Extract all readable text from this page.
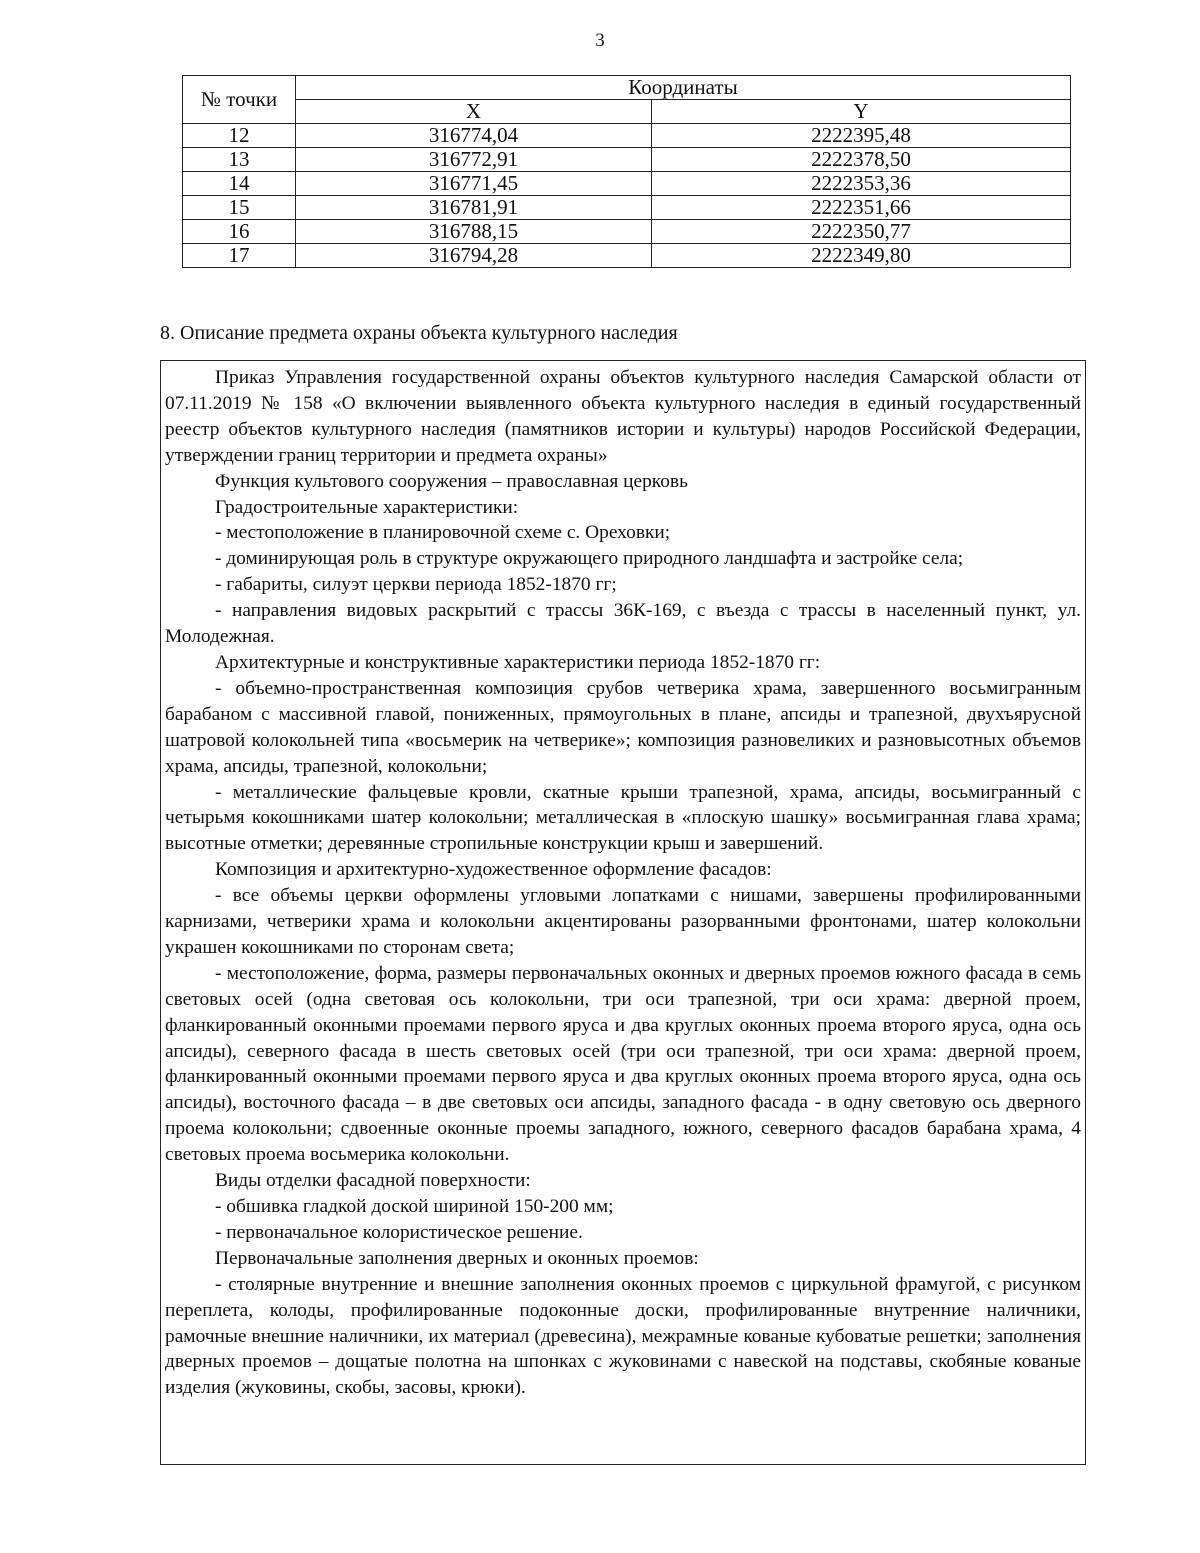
3
№ точки	Координаты	
	X	Y
12	316774,04	2222395,48
13	316772,91	2222378,50
14	316771,45	2222353,36
15	316781,91	2222351,66
16	316788,15	2222350,77
17	316794,28	2222349,80
8. Описание предмета охраны объекта культурного наследия

Приказ Управления государственной охраны объектов культурного наследия Самарской области от 07.11.2019 № 158 «О включении выявленного объекта культурного наследия в единый государственный реестр объектов культурного наследия (памятников истории и культуры) народов Российской Федерации, утверждении границ территории и предмета охраны»

Функция культового сооружения – православная церковь

Градостроительные характеристики:

- местоположение в планировочной схеме с. Ореховки;

- доминирующая роль в структуре окружающего природного ландшафта и застройке села;

- габариты, силуэт церкви периода 1852-1870 гг;

- направления видовых раскрытий с трассы 36К-169, с въезда с трассы в населенный пункт, ул. Молодежная.

Архитектурные и конструктивные характеристики периода 1852-1870 гг:

- объемно-пространственная композиция срубов четверика храма, завершенного восьмигранным барабаном с массивной главой, пониженных, прямоугольных в плане, апсиды и трапезной, двухъярусной шатровой колокольней типа «восьмерик на четверике»; композиция разновеликих и разновысотных объемов храма, апсиды, трапезной, колокольни;

- металлические фальцевые кровли, скатные крыши трапезной, храма, апсиды, восьмигранный с четырьмя кокошниками шатер колокольни; металлическая в «плоскую шашку» восьмигранная глава храма; высотные отметки; деревянные стропильные конструкции крыш и завершений.

Композиция и архитектурно-художественное оформление фасадов:

- все объемы церкви оформлены угловыми лопатками с нишами, завершены профилированными карнизами, четверики храма и колокольни акцентированы разорванными фронтонами, шатер колокольни украшен кокошниками по сторонам света;

- местоположение, форма, размеры первоначальных оконных и дверных проемов южного фасада в семь световых осей (одна световая ось колокольни, три оси трапезной, три оси храма: дверной проем, фланкированный оконными проемами первого яруса и два круглых оконных проема второго яруса, одна ось апсиды), северного фасада в шесть световых осей (три оси трапезной, три оси храма: дверной проем, фланкированный оконными проемами первого яруса и два круглых оконных проема второго яруса, одна ось апсиды), восточного фасада – в две световых оси апсиды, западного фасада - в одну световую ось дверного проема колокольни; сдвоенные оконные проемы западного, южного, северного фасадов барабана храма, 4 световых проема восьмерика колокольни.

Виды отделки фасадной поверхности:

- обшивка гладкой доской шириной 150-200 мм;

- первоначальное колористическое решение.

Первоначальные заполнения дверных и оконных проемов:

- столярные внутренние и внешние заполнения оконных проемов с циркульной фрамугой, с рисунком переплета, колоды, профилированные подоконные доски, профилированные внутренние наличники, рамочные внешние наличники, их материал (древесина), межрамные кованые кубоватые решетки; заполнения дверных проемов – дощатые полотна на шпонках с жуковинами с навеской на подставы, скобяные кованые изделия (жуковины, скобы, засовы, крюки).
